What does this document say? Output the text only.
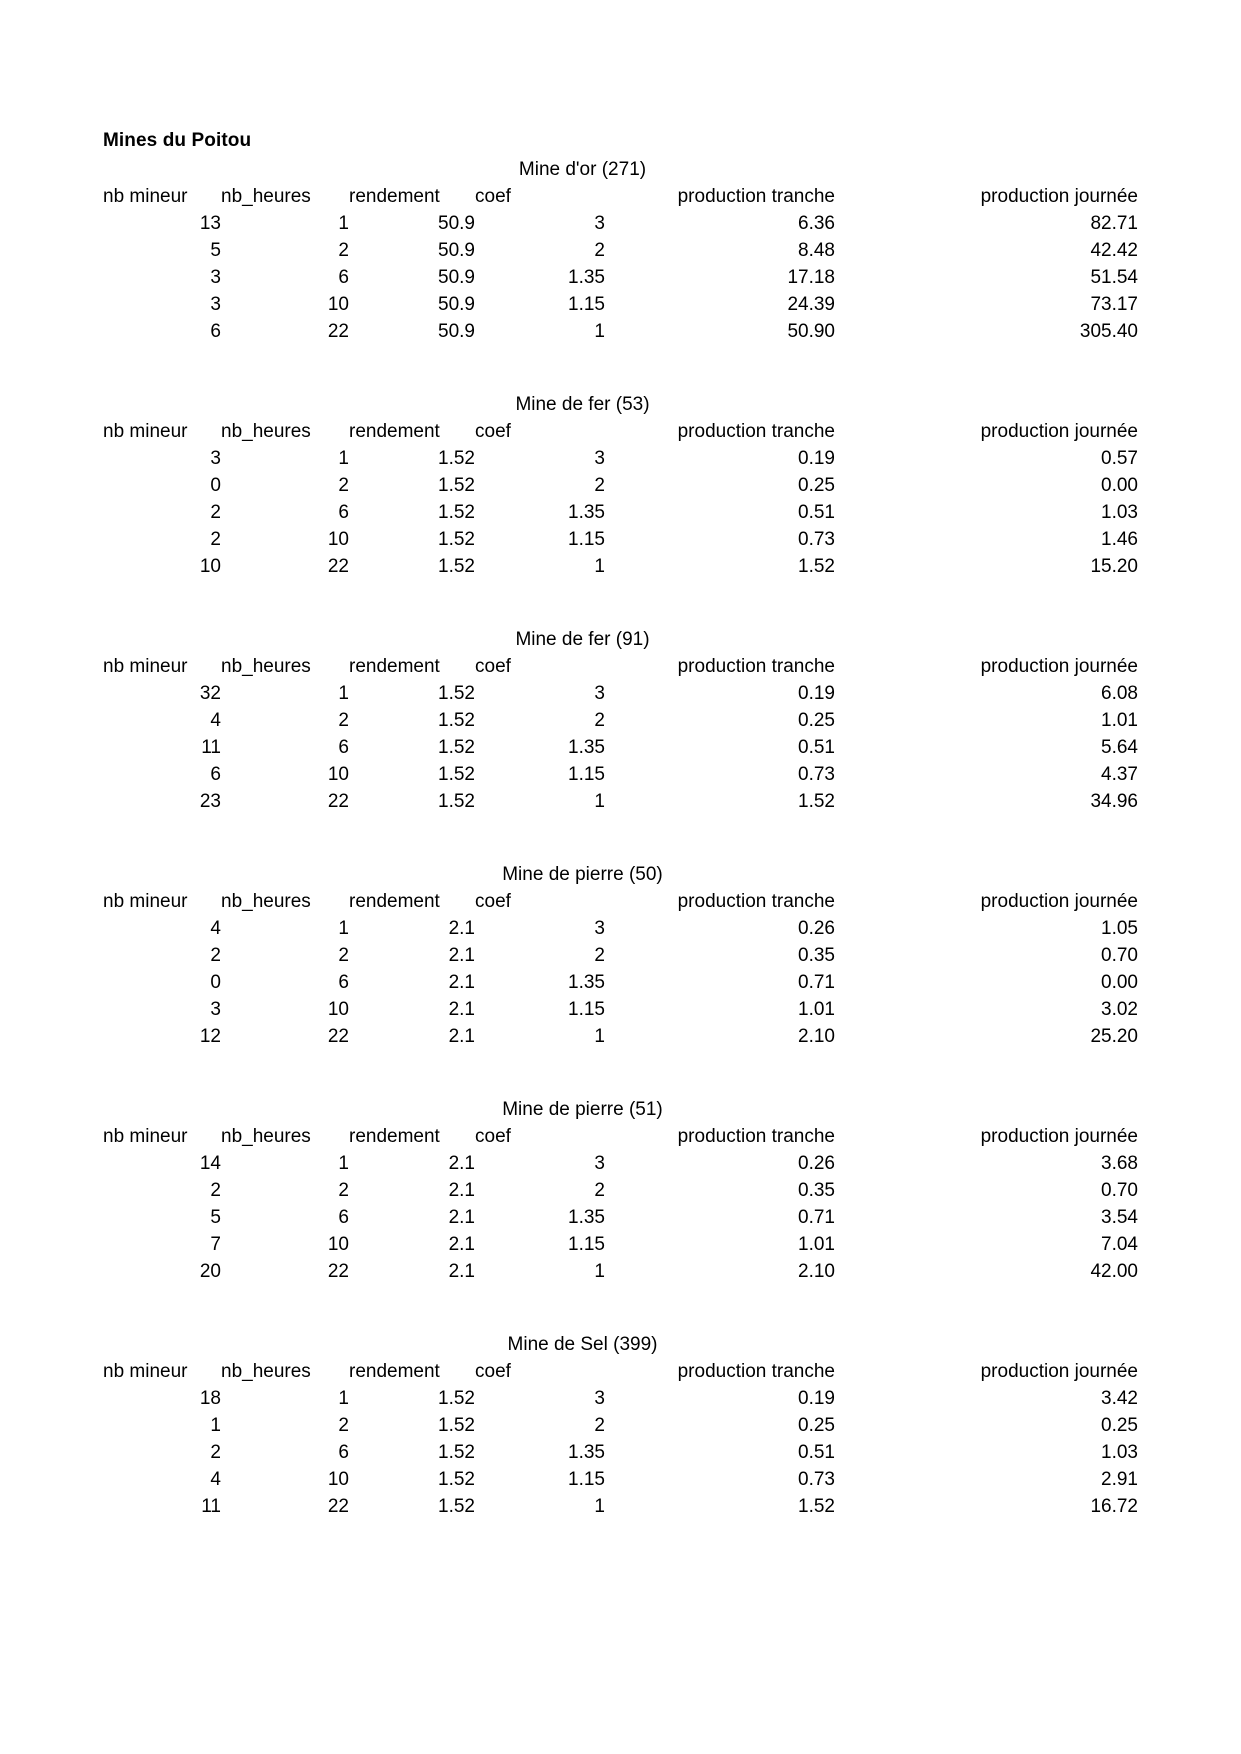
Mines du Poitou
Mine d'or (271)
nb mineur	nb_heures	rendement	coef	production tranche	production journée
13	1	50.9	3	6.36	82.71
5	2	50.9	2	8.48	42.42
3	6	50.9	1.35	17.18	51.54
3	10	50.9	1.15	24.39	73.17
6	22	50.9	1	50.90	305.40
Mine de fer (53)
nb mineur	nb_heures	rendement	coef	production tranche	production journée
3	1	1.52	3	0.19	0.57
0	2	1.52	2	0.25	0.00
2	6	1.52	1.35	0.51	1.03
2	10	1.52	1.15	0.73	1.46
10	22	1.52	1	1.52	15.20
Mine de fer (91)
nb mineur	nb_heures	rendement	coef	production tranche	production journée
32	1	1.52	3	0.19	6.08
4	2	1.52	2	0.25	1.01
11	6	1.52	1.35	0.51	5.64
6	10	1.52	1.15	0.73	4.37
23	22	1.52	1	1.52	34.96
Mine de pierre (50)
nb mineur	nb_heures	rendement	coef	production tranche	production journée
4	1	2.1	3	0.26	1.05
2	2	2.1	2	0.35	0.70
0	6	2.1	1.35	0.71	0.00
3	10	2.1	1.15	1.01	3.02
12	22	2.1	1	2.10	25.20
Mine de pierre (51)
nb mineur	nb_heures	rendement	coef	production tranche	production journée
14	1	2.1	3	0.26	3.68
2	2	2.1	2	0.35	0.70
5	6	2.1	1.35	0.71	3.54
7	10	2.1	1.15	1.01	7.04
20	22	2.1	1	2.10	42.00
Mine de Sel (399)
nb mineur	nb_heures	rendement	coef	production tranche	production journée
18	1	1.52	3	0.19	3.42
1	2	1.52	2	0.25	0.25
2	6	1.52	1.35	0.51	1.03
4	10	1.52	1.15	0.73	2.91
11	22	1.52	1	1.52	16.72
